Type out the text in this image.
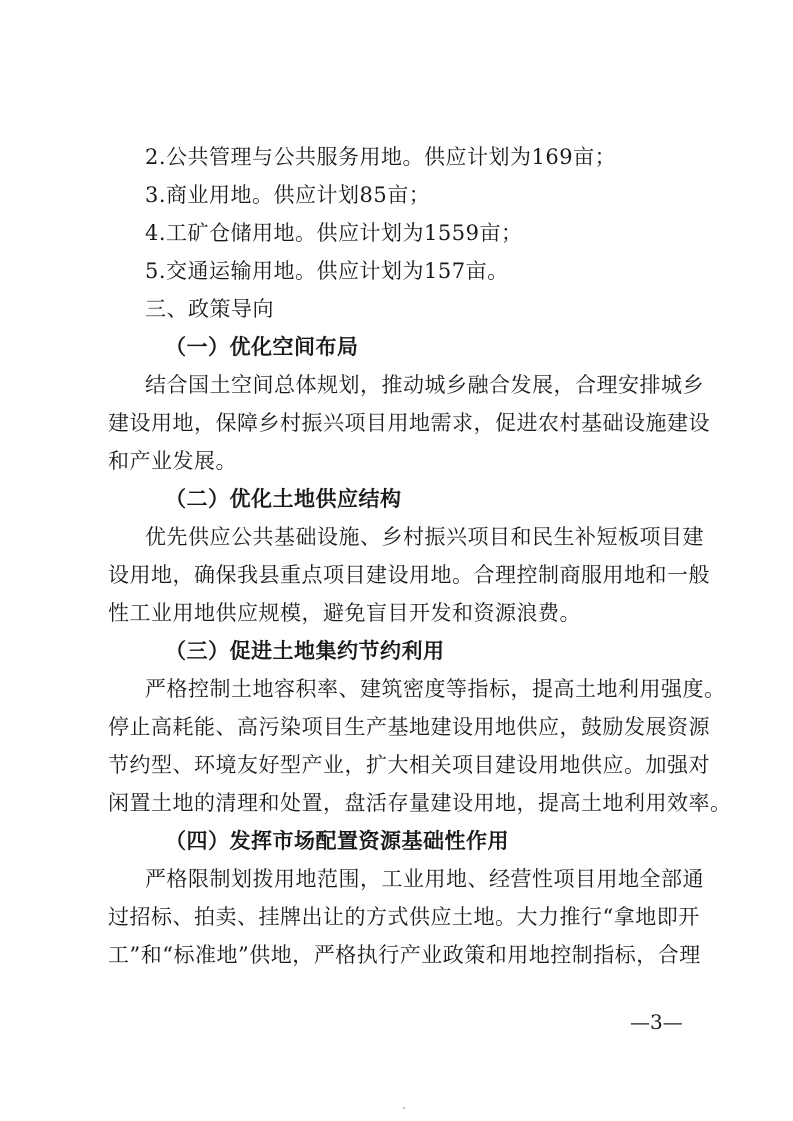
2.公共管理与公共服务用地。供应计划为169亩；
3.商业用地。供应计划85亩；
4.工矿仓储用地。供应计划为1559亩；
5.交通运输用地。供应计划为157亩。
三、政策导向
（一）优化空间布局
结合国土空间总体规划，推动城乡融合发展，合理安排城乡
建设用地，保障乡村振兴项目用地需求，促进农村基础设施建设
和产业发展。
（二）优化土地供应结构
优先供应公共基础设施、乡村振兴项目和民生补短板项目建
设用地，确保我县重点项目建设用地。合理控制商服用地和一般
性工业用地供应规模，避免盲目开发和资源浪费。
（三）促进土地集约节约利用
严格控制土地容积率、建筑密度等指标，提高土地利用强度。
停止高耗能、高污染项目生产基地建设用地供应，鼓励发展资源
节约型、环境友好型产业，扩大相关项目建设用地供应。加强对
闲置土地的清理和处置，盘活存量建设用地，提高土地利用效率。
（四）发挥市场配置资源基础性作用
严格限制划拨用地范围，工业用地、经营性项目用地全部通
过招标、拍卖、挂牌出让的方式供应土地。大力推行“拿地即开
工”和“标准地”供地，严格执行产业政策和用地控制指标，合理
—3—
